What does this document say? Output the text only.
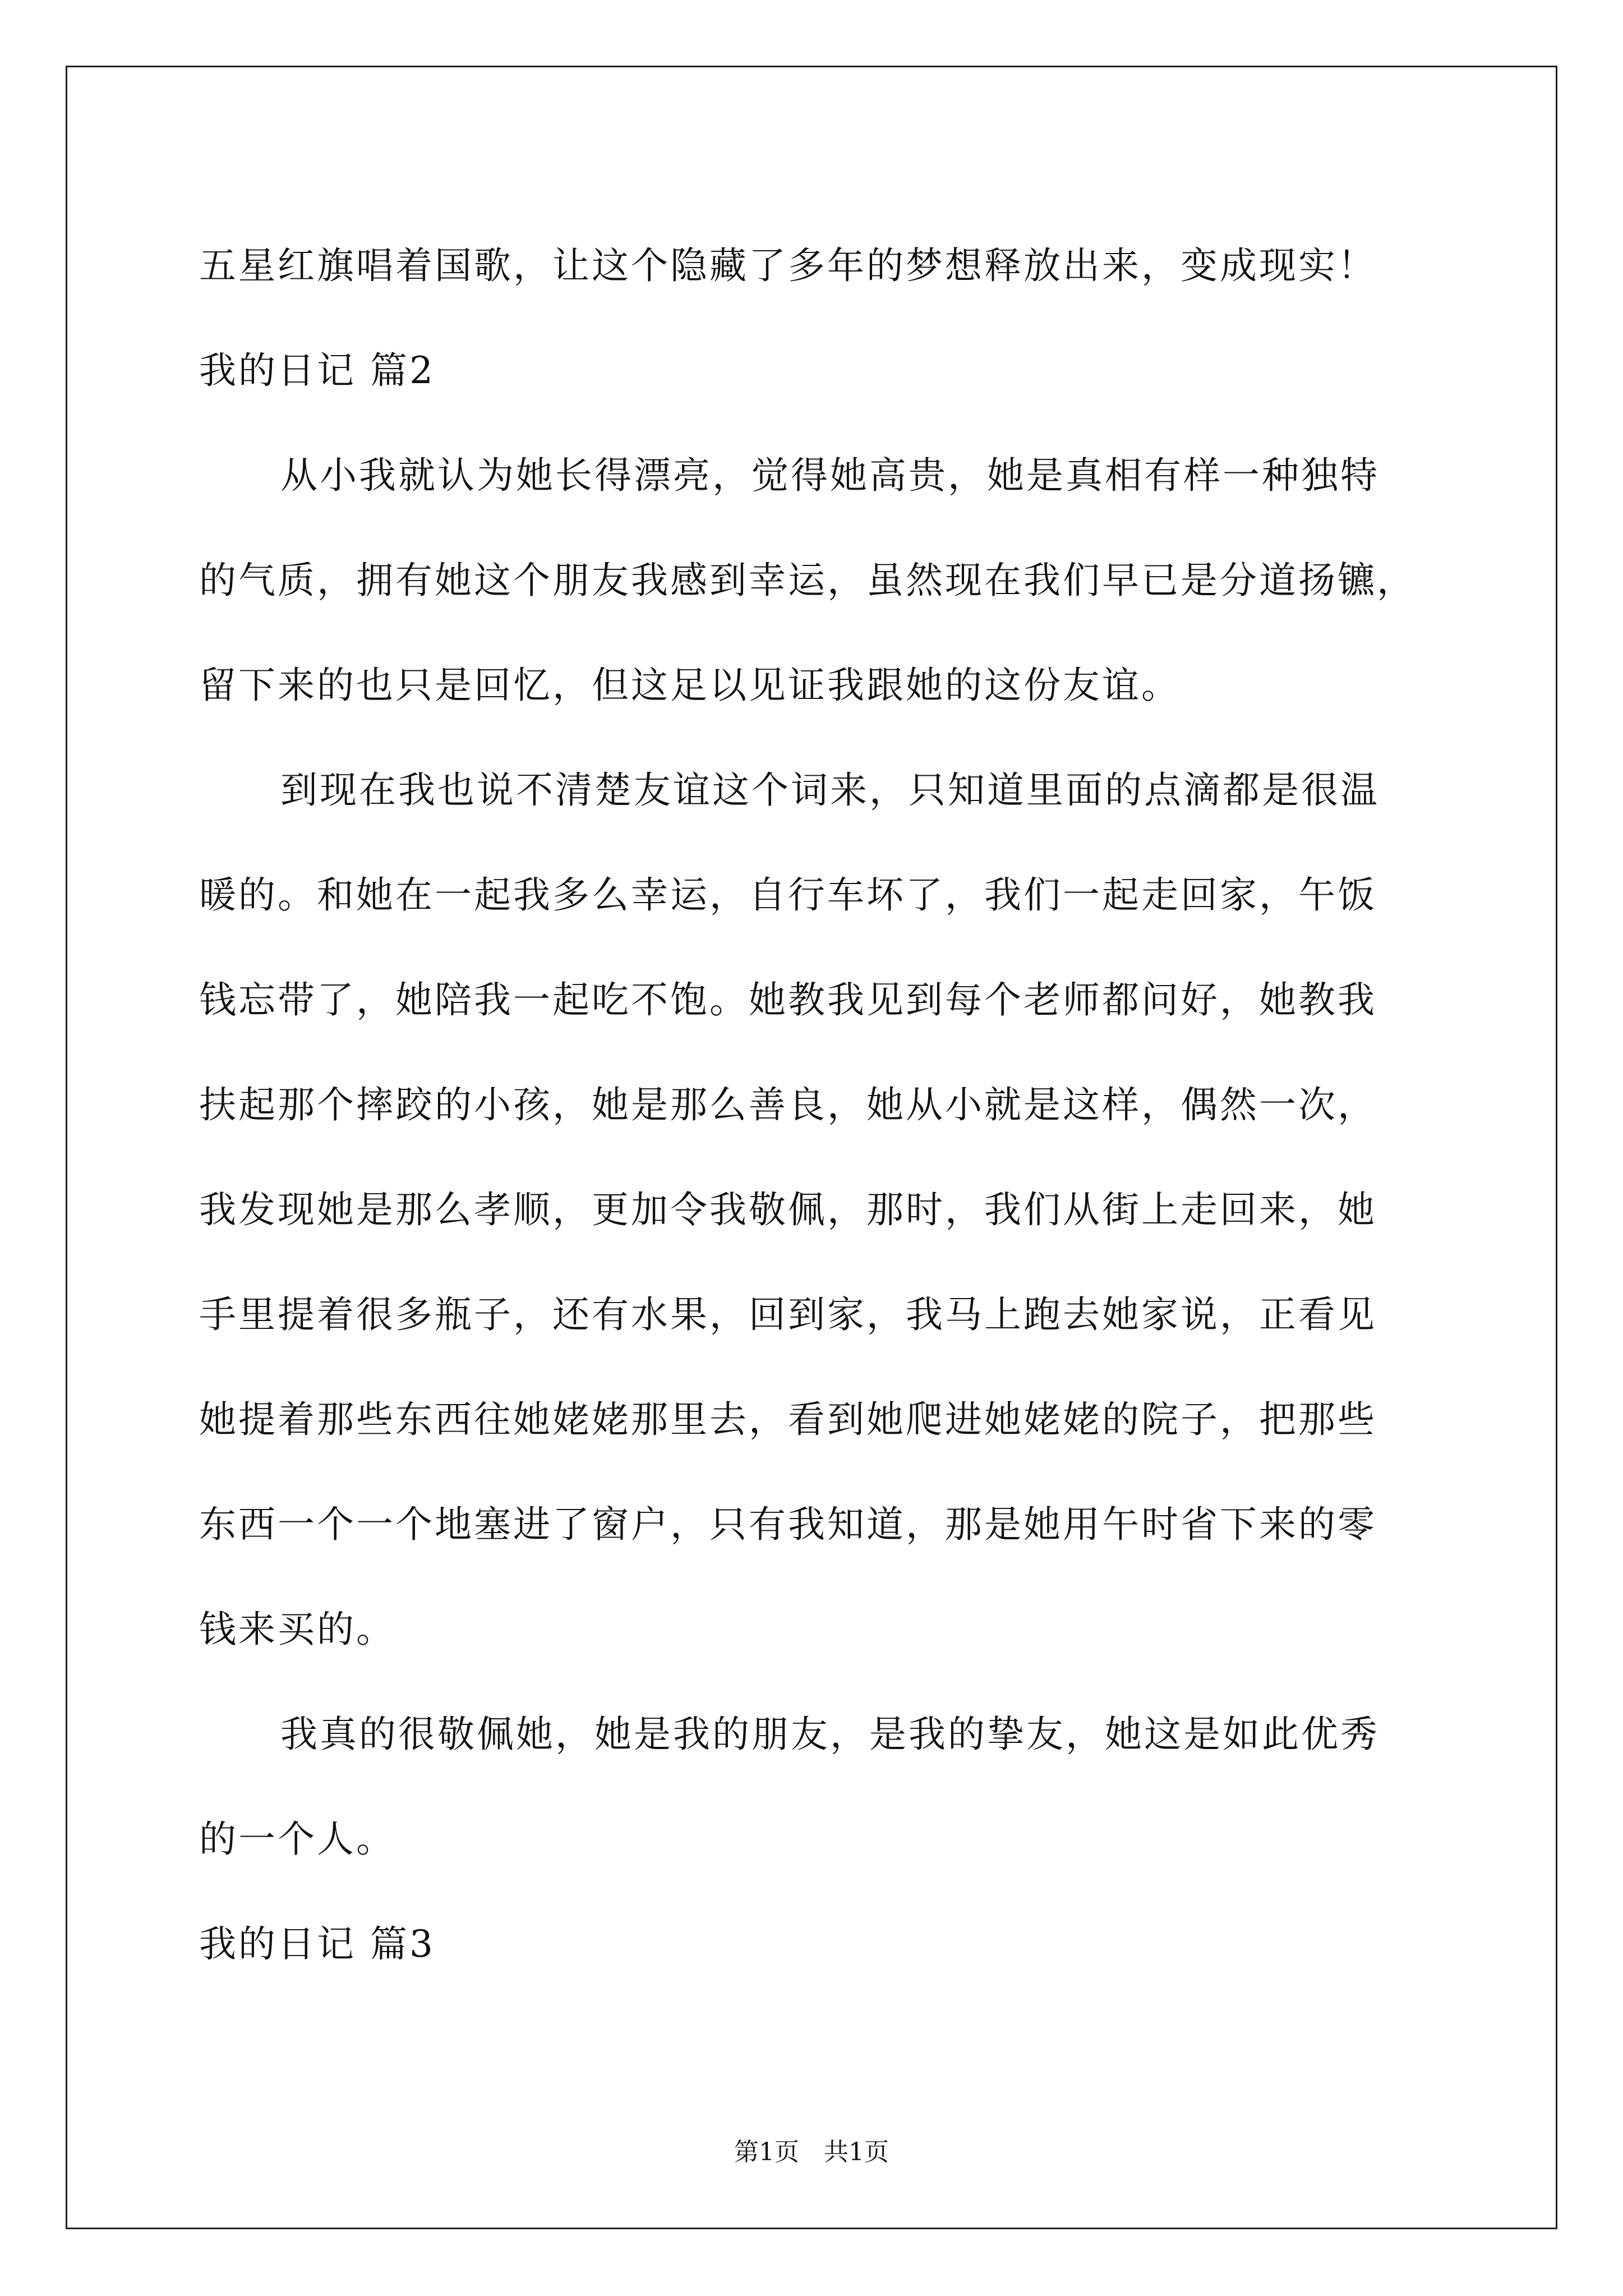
五星红旗唱着国歌，让这个隐藏了多年的梦想释放出来，变成现实！
我的日记 篇2
从小我就认为她长得漂亮，觉得她高贵，她是真相有样一种独特
的气质，拥有她这个朋友我感到幸运，虽然现在我们早已是分道扬镳，
留下来的也只是回忆，但这足以见证我跟她的这份友谊。
到现在我也说不清楚友谊这个词来，只知道里面的点滴都是很温
暖的。和她在一起我多么幸运，自行车坏了，我们一起走回家，午饭
钱忘带了，她陪我一起吃不饱。她教我见到每个老师都问好，她教我
扶起那个摔跤的小孩，她是那么善良，她从小就是这样，偶然一次，
我发现她是那么孝顺，更加令我敬佩，那时，我们从街上走回来，她
手里提着很多瓶子，还有水果，回到家，我马上跑去她家说，正看见
她提着那些东西往她姥姥那里去，看到她爬进她姥姥的院子，把那些
东西一个一个地塞进了窗户，只有我知道，那是她用午时省下来的零
钱来买的。
我真的很敬佩她，她是我的朋友，是我的挚友，她这是如此优秀
的一个人。
我的日记 篇3
第1页　共1页
